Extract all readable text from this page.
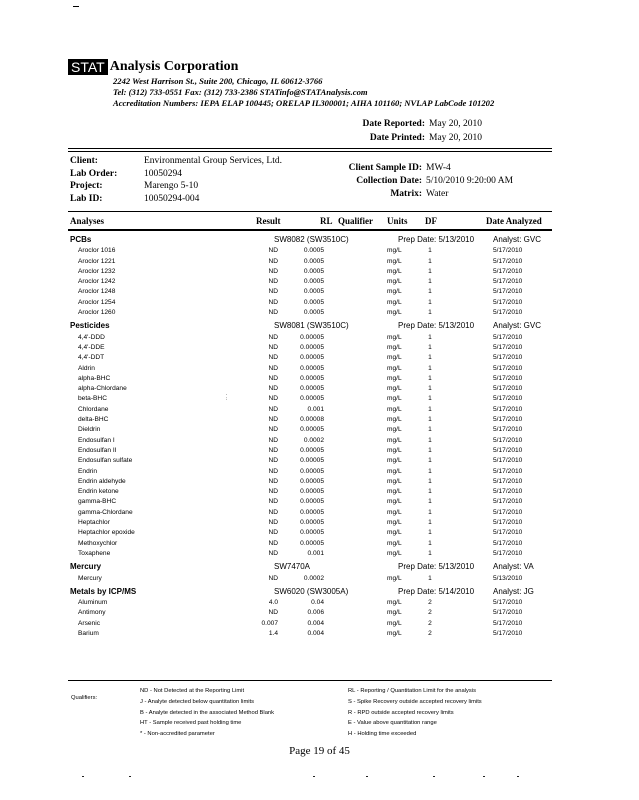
STAT Analysis Corporation
2242 West Harrison St., Suite 200, Chicago, IL 60612-3766
Tel: (312) 733-0551 Fax: (312) 733-2386 STATinfo@STATAnalysis.com
Accreditation Numbers: IEPA ELAP 100445; ORELAP IL300001; AIHA 101160; NVLAP LabCode 101202
Date Reported: May 20, 2010
Date Printed: May 20, 2010
Client:	Environmental Group Services, Ltd.
Lab Order:	10050294
Project:	Marengo 5-10
Lab ID:	10050294-004
Client Sample ID: MW-4
Collection Date: 5/10/2010 9:20:00 AM
Matrix: Water
Analyses	Result	RL Qualifier Units DF	Date Analyzed
PCBs	SW8082 (SW3510C)	Prep Date: 5/13/2010 Analyst: GVC
Aroclor 1016	ND	0.0005	mg/L	1	5/17/2010
Aroclor 1221	ND	0.0005	mg/L	1	5/17/2010
Aroclor 1232	ND	0.0005	mg/L	1	5/17/2010
Aroclor 1242	ND	0.0005	mg/L	1	5/17/2010
Aroclor 1248	ND	0.0005	mg/L	1	5/17/2010
Aroclor 1254	ND	0.0005	mg/L	1	5/17/2010
Aroclor 1260	ND	0.0005	mg/L	1	5/17/2010
Pesticides	SW8081 (SW3510C)	Prep Date: 5/13/2010 Analyst: GVC
4,4'-DDD	ND	0.00005	mg/L	1	5/17/2010
4,4'-DDE	ND	0.00005	mg/L	1	5/17/2010
4,4'-DDT	ND	0.00005	mg/L	1	5/17/2010
Aldrin	ND	0.00005	mg/L	1	5/17/2010
alpha-BHC	ND	0.00005	mg/L	1	5/17/2010
alpha-Chlordane	ND	0.00005	mg/L	1	5/17/2010
beta-BHC	ND	0.00005	mg/L	1	5/17/2010
Chlordane	ND	0.001	mg/L	1	5/17/2010
delta-BHC	ND	0.00008	mg/L	1	5/17/2010
Dieldrin	ND	0.00005	mg/L	1	5/17/2010
Endosulfan I	ND	0.0002	mg/L	1	5/17/2010
Endosulfan II	ND	0.00005	mg/L	1	5/17/2010
Endosulfan sulfate	ND	0.00005	mg/L	1	5/17/2010
Endrin	ND	0.00005	mg/L	1	5/17/2010
Endrin aldehyde	ND	0.00005	mg/L	1	5/17/2010
Endrin ketone	ND	0.00005	mg/L	1	5/17/2010
gamma-BHC	ND	0.00005	mg/L	1	5/17/2010
gamma-Chlordane	ND	0.00005	mg/L	1	5/17/2010
Heptachlor	ND	0.00005	mg/L	1	5/17/2010
Heptachlor epoxide	ND	0.00005	mg/L	1	5/17/2010
Methoxychlor	ND	0.00005	mg/L	1	5/17/2010
Toxaphene	ND	0.001	mg/L	1	5/17/2010
Mercury	SW7470A	Prep Date: 5/13/2010 Analyst: VA
Mercury	ND	0.0002	mg/L	1	5/13/2010
Metals by ICP/MS	SW6020 (SW3005A)	Prep Date: 5/14/2010 Analyst: JG
Aluminum	4.0	0.04	mg/L	2	5/17/2010
Antimony	ND	0.006	mg/L	2	5/17/2010
Arsenic	0.007	0.004	mg/L	2	5/17/2010
Barium	1.4	0.004	mg/L	2	5/17/2010
.
:
Qualifiers:
ND - Not Detected at the Reporting Limit
J - Analyte detected below quantitation limits
B - Analyte detected in the associated Method Blank
HT - Sample received past holding time
* - Non-accredited parameter
RL - Reporting / Quantitation Limit for the analysis
S - Spike Recovery outside accepted recovery limits
R - RPD outside accepted recovery limits
E - Value above quantitation range
H - Holding time exceeded
Page 19 of 45
